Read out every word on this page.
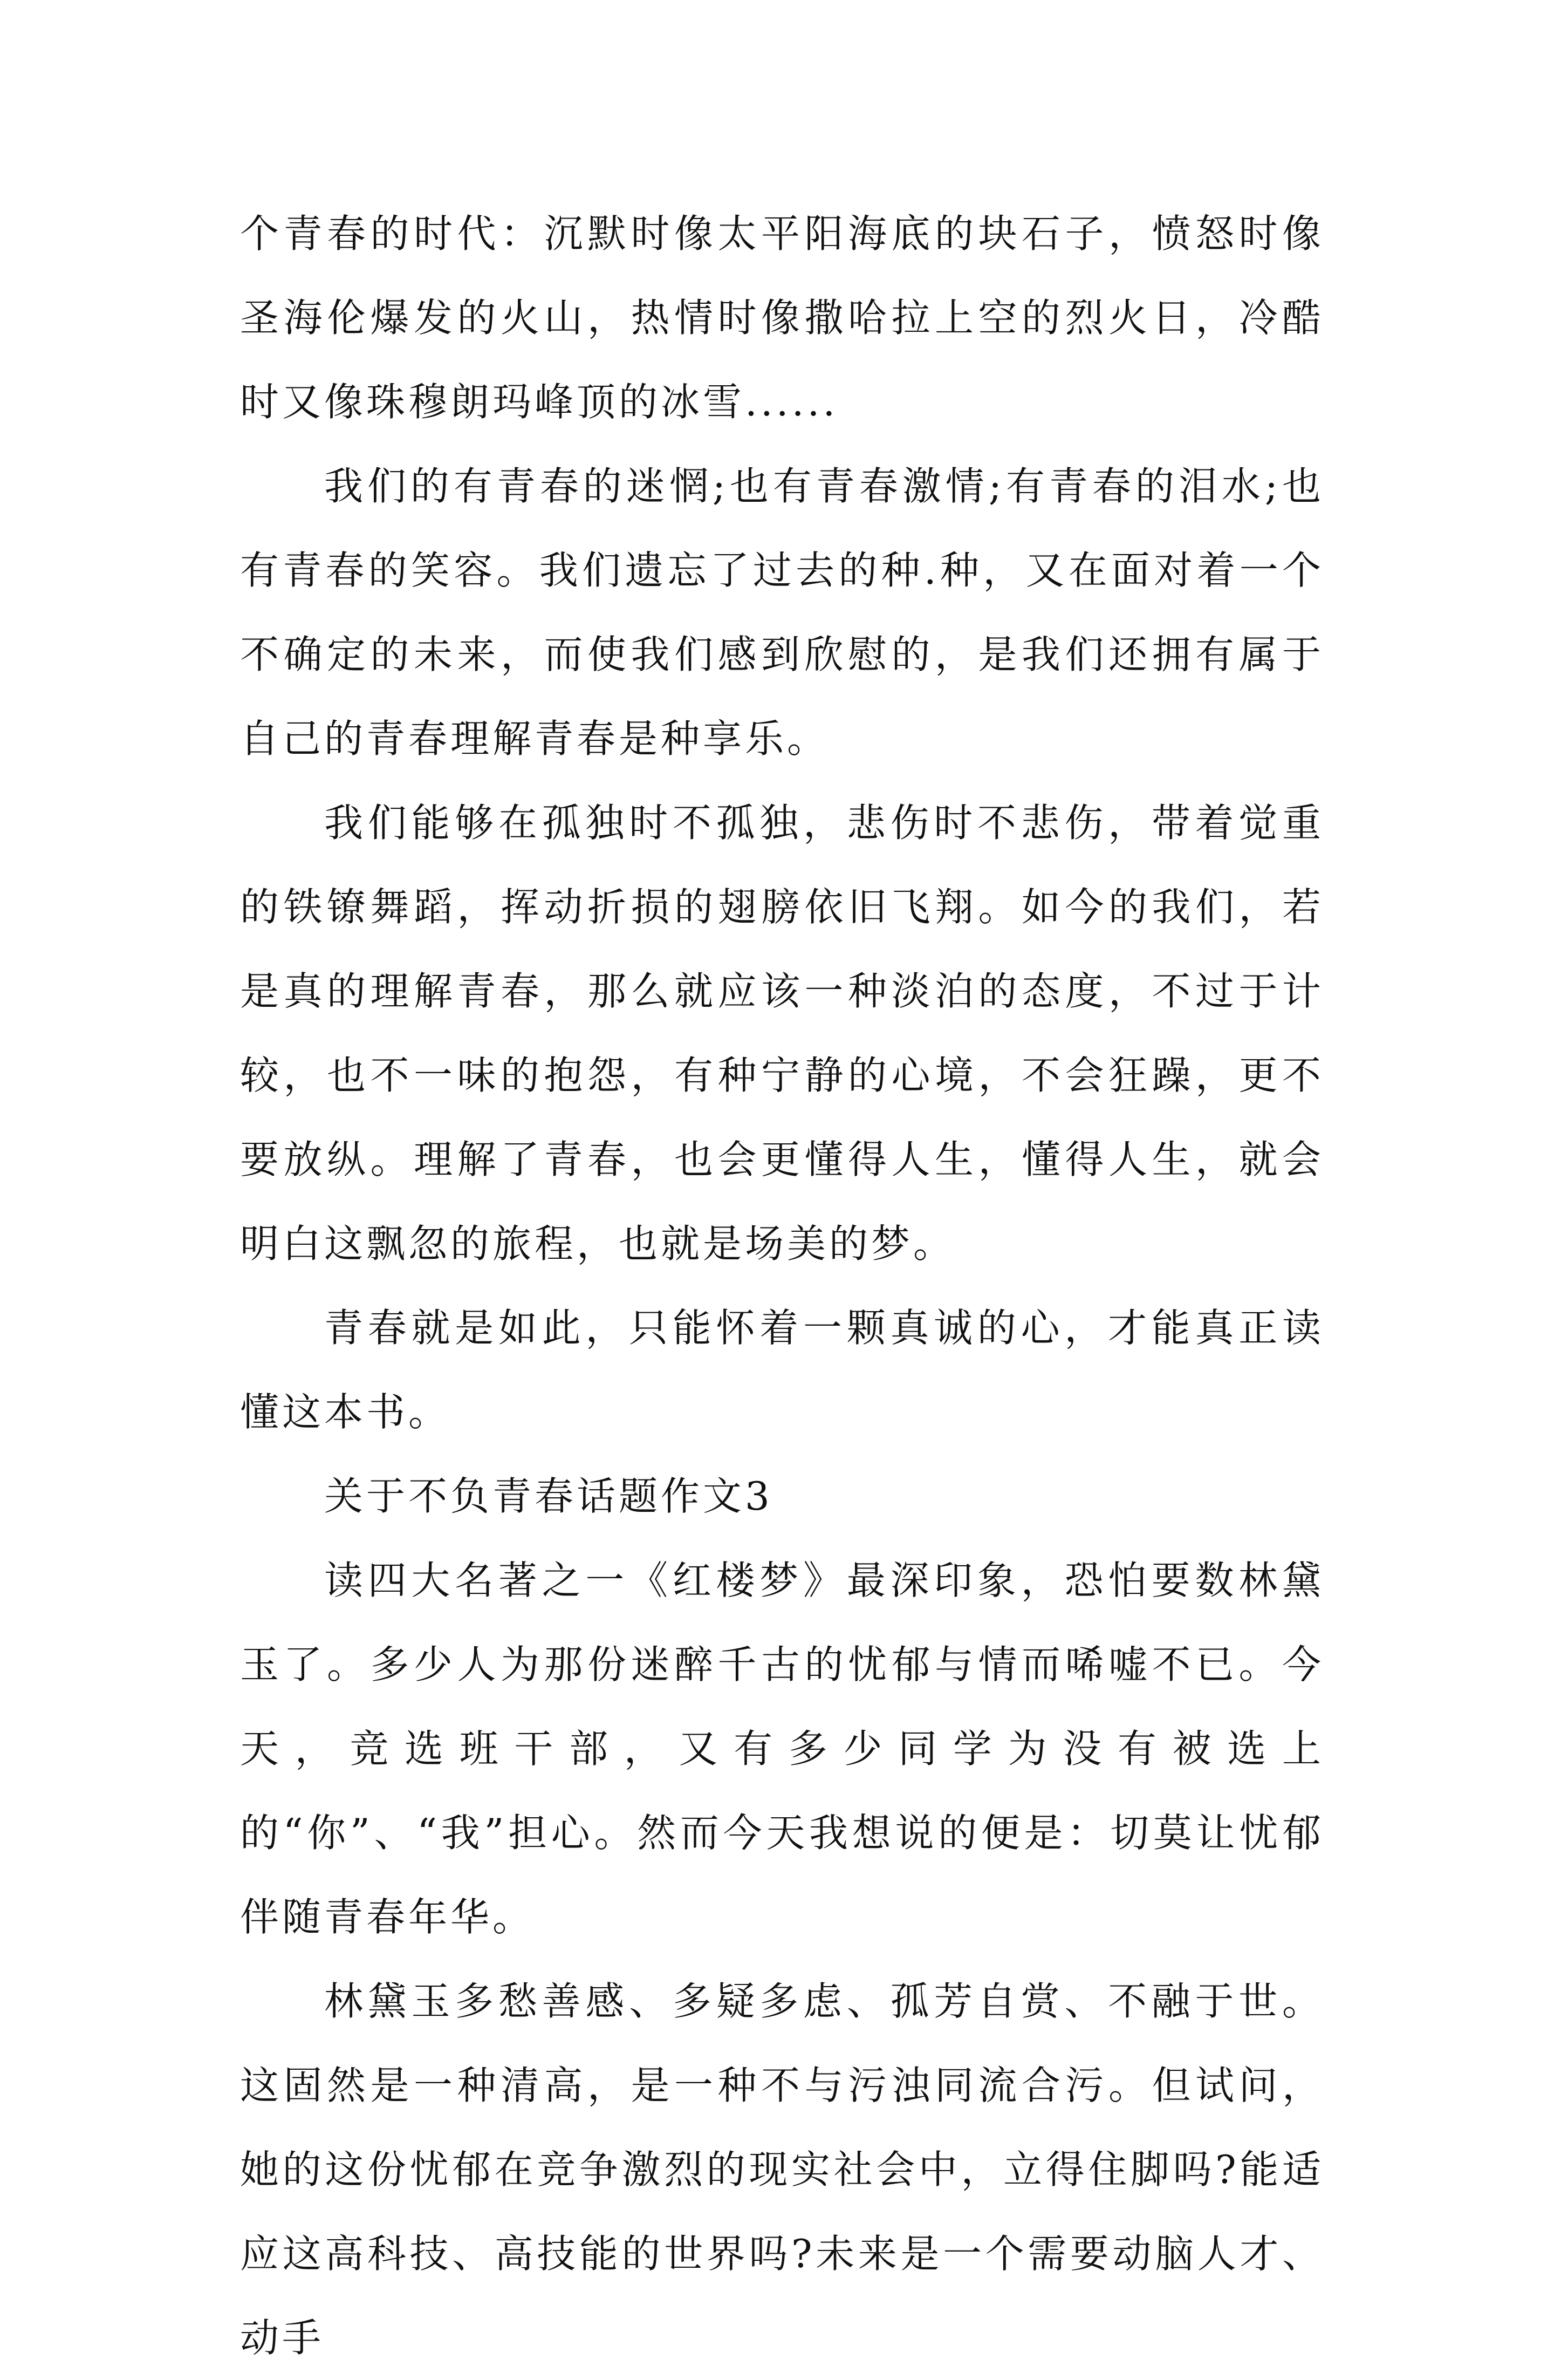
个青春的时代：沉默时像太平阳海底的块石子，愤怒时像圣海伦爆发的火山，热情时像撒哈拉上空的烈火日，冷酷时又像珠穆朗玛峰顶的冰雪......

我们的有青春的迷惘;也有青春激情;有青春的泪水;也有青春的笑容。我们遗忘了过去的种.种，又在面对着一个不确定的未来，而使我们感到欣慰的，是我们还拥有属于自己的青春理解青春是种享乐。

我们能够在孤独时不孤独，悲伤时不悲伤，带着觉重的铁镣舞蹈，挥动折损的翅膀依旧飞翔。如今的我们，若是真的理解青春，那么就应该一种淡泊的态度，不过于计较，也不一味的抱怨，有种宁静的心境，不会狂躁，更不要放纵。理解了青春，也会更懂得人生，懂得人生，就会明白这飘忽的旅程，也就是场美的梦。

青春就是如此，只能怀着一颗真诚的心，才能真正读懂这本书。

关于不负青春话题作文3

读四大名著之一《红楼梦》最深印象，恐怕要数林黛玉了。多少人为那份迷醉千古的忧郁与情而唏嘘不已。今天，竞选班干部，又有多少同学为没有被选上的“你”、“我”担心。然而今天我想说的便是：切莫让忧郁伴随青春年华。

林黛玉多愁善感、多疑多虑、孤芳自赏、不融于世。这固然是一种清高，是一种不与污浊同流合污。但试问，她的这份忧郁在竞争激烈的现实社会中，立得住脚吗?能适应这高科技、高技能的世界吗?未来是一个需要动脑人才、动手
